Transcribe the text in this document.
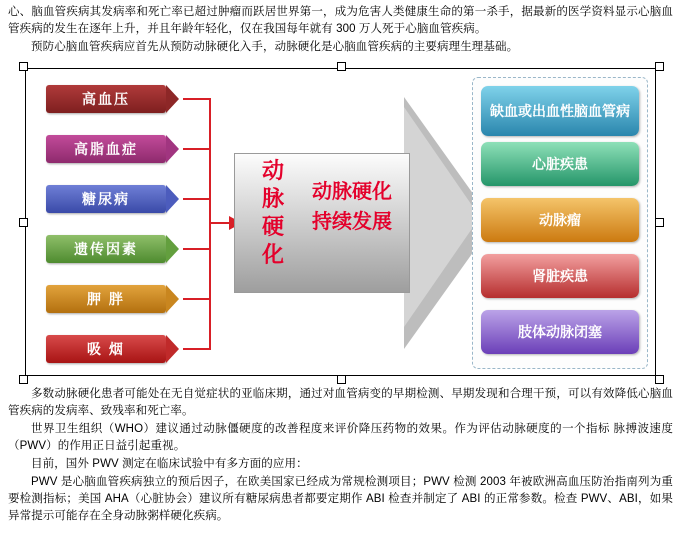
心、脑血管疾病其发病率和死亡率已超过肿瘤而跃居世界第一，成为危害人类健康生命的第一杀手，据最新的医学资料显示心脑血管疾病的发生在逐年上升，并且年龄年轻化，仅在我国每年就有 300 万人死于心脑血管疾病。

预防心脑血管疾病应首先从预防动脉硬化入手，动脉硬化是心脑血管疾病的主要病理生理基础。

高血压
高脂血症
糖尿病
遗传因素
胛 胖
吸 烟
动脉硬化
动脉硬化
持续发展
缺血或出血性脑血管病
心脏疾患
动脉瘤
肾脏疾患
肢体动脉闭塞

多数动脉硬化患者可能处在无自觉症状的亚临床期，通过对血管病变的早期检测、早期发现和合理干预，可以有效降低心脑血管疾病的发病率、致残率和死亡率。

世界卫生组织（WHO）建议通过动脉僵硬度的改善程度来评价降压药物的效果。作为评估动脉硬度的一个指标 脉搏波速度（PWV）的作用正日益引起重视。

目前，国外 PWV 测定在临床试验中有多方面的应用：

PWV 是心脑血管疾病独立的预后因子，在欧美国家已经成为常规检测项目；PWV 检测 2003 年被欧洲高血压防治指南列为重要检测指标；美国 AHA（心脏协会）建议所有糖尿病患者都要定期作 ABI 检查并制定了 ABI 的正常参数。检查 PWV、ABI，如果异常提示可能存在全身动脉粥样硬化疾病。
